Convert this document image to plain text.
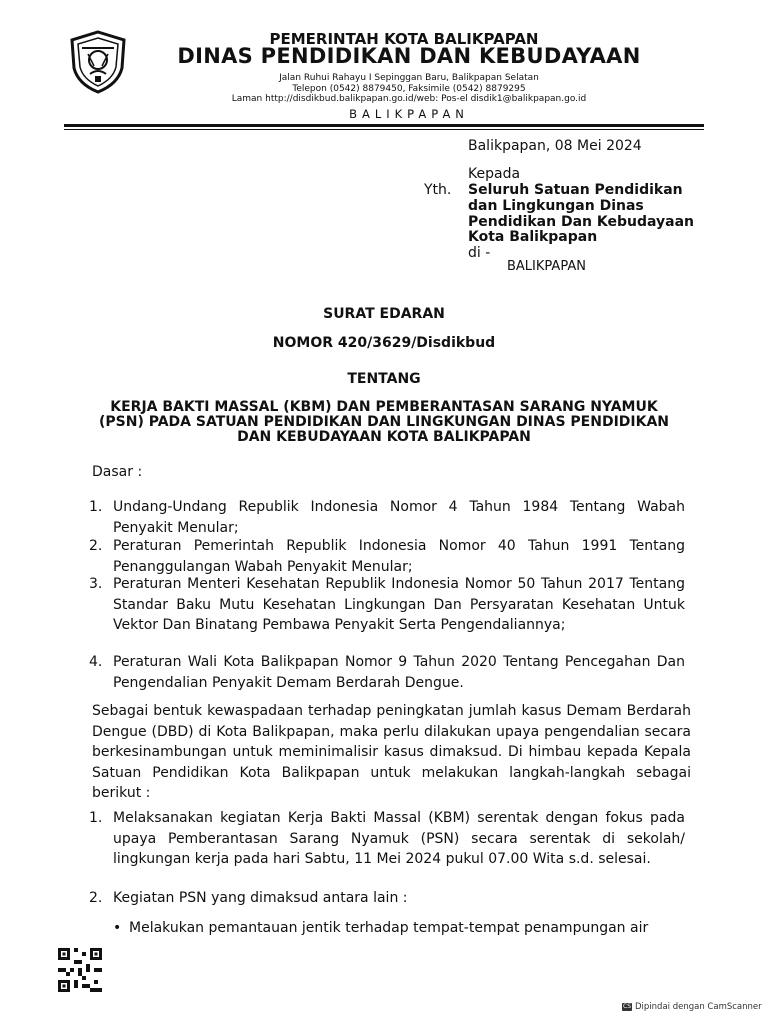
PEMERINTAH KOTA BALIKPAPAN
DINAS PENDIDIKAN DAN KEBUDAYAAN
Jalan Ruhui Rahayu I Sepinggan Baru, Balikpapan Selatan
Telepon (0542) 8879450, Faksimile (0542) 8879295
Laman http://disdikbud.balikpapan.go.id/web: Pos-el disdik1@balikpapan.go.id
BALIKPAPAN
Balikpapan, 08 Mei 2024
Kepada
Yth. Seluruh Satuan Pendidikan
dan Lingkungan Dinas
Pendidikan Dan Kebudayaan
Kota Balikpapan
di -
BALIKPAPAN
SURAT EDARAN
NOMOR 420/3629/Disdikbud
TENTANG
KERJA BAKTI MASSAL (KBM) DAN PEMBERANTASAN SARANG NYAMUK
(PSN) PADA SATUAN PENDIDIKAN DAN LINGKUNGAN DINAS PENDIDIKAN
DAN KEBUDAYAAN KOTA BALIKPAPAN
Dasar :
1. Undang-Undang Republik Indonesia Nomor 4 Tahun 1984 Tentang Wabah Penyakit Menular;
2. Peraturan Pemerintah Republik Indonesia Nomor 40 Tahun 1991 Tentang Penanggulangan Wabah Penyakit Menular;
3. Peraturan Menteri Kesehatan Republik Indonesia Nomor 50 Tahun 2017 Tentang Standar Baku Mutu Kesehatan Lingkungan Dan Persyaratan Kesehatan Untuk Vektor Dan Binatang Pembawa Penyakit Serta Pengendaliannya;
4. Peraturan Wali Kota Balikpapan Nomor 9 Tahun 2020 Tentang Pencegahan Dan Pengendalian Penyakit Demam Berdarah Dengue.
Sebagai bentuk kewaspadaan terhadap peningkatan jumlah kasus Demam Berdarah Dengue (DBD) di Kota Balikpapan, maka perlu dilakukan upaya pengendalian secara berkesinambungan untuk meminimalisir kasus dimaksud. Di himbau kepada Kepala Satuan Pendidikan Kota Balikpapan untuk melakukan langkah-langkah sebagai berikut :
1. Melaksanakan kegiatan Kerja Bakti Massal (KBM) serentak dengan fokus pada upaya Pemberantasan Sarang Nyamuk (PSN) secara serentak di sekolah/ lingkungan kerja pada hari Sabtu, 11 Mei 2024 pukul 07.00 Wita s.d. selesai.
2. Kegiatan PSN yang dimaksud antara lain :
• Melakukan pemantauan jentik terhadap tempat-tempat penampungan air
CS Dipindai dengan CamScanner
